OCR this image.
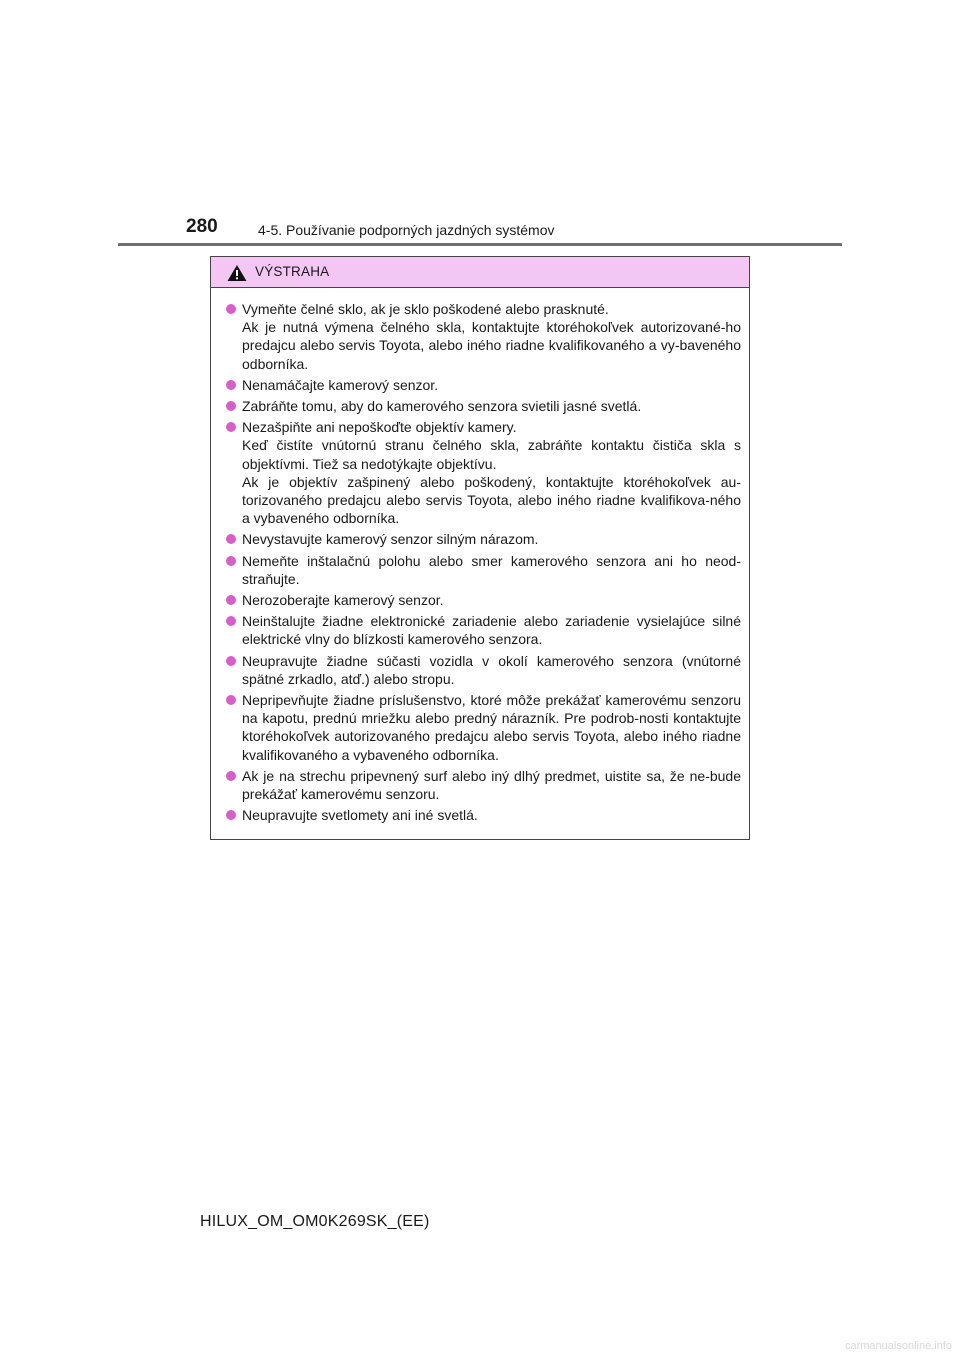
280	4-5. Používanie podporných jazdných systémov
VÝSTRAHA
Vymeňte čelné sklo, ak je sklo poškodené alebo prasknuté.
Ak je nutná výmena čelného skla, kontaktujte ktoréhokoľvek autorizované-ho predajcu alebo servis Toyota, alebo iného riadne kvalifikovaného a vy-baveného odborníka.
Nenamáčajte kamerový senzor.
Zabráňte tomu, aby do kamerového senzora svietili jasné svetlá.
Nezašpiňte ani nepoškoďte objektív kamery.
Keď čistíte vnútornú stranu čelného skla, zabráňte kontaktu čističa skla s objektívmi. Tiež sa nedotýkajte objektívu.
Ak je objektív zašpinený alebo poškodený, kontaktujte ktoréhokoľvek au-torizovaného predajcu alebo servis Toyota, alebo iného riadne kvalifikova-ného a vybaveného odborníka.
Nevystavujte kamerový senzor silným nárazom.
Nemeňte inštalačnú polohu alebo smer kamerového senzora ani ho neod-straňujte.
Nerozoberajte kamerový senzor.
Neinštalujte žiadne elektronické zariadenie alebo zariadenie vysielajúce silné elektrické vlny do blízkosti kamerového senzora.
Neupravujte žiadne súčasti vozidla v okolí kamerového senzora (vnútorné spätné zrkadlo, atď.) alebo stropu.
Nepripevňujte žiadne príslušenstvo, ktoré môže prekážať kamerovému senzoru na kapotu, prednú mriežku alebo predný nárazník. Pre podrob-nosti kontaktujte ktoréhokoľvek autorizovaného predajcu alebo servis Toyota, alebo iného riadne kvalifikovaného a vybaveného odborníka.
Ak je na strechu pripevnený surf alebo iný dlhý predmet, uistite sa, že ne-bude prekážať kamerovému senzoru.
Neupravujte svetlomety ani iné svetlá.
HILUX_OM_OM0K269SK_(EE)
carmanualsonline.info
